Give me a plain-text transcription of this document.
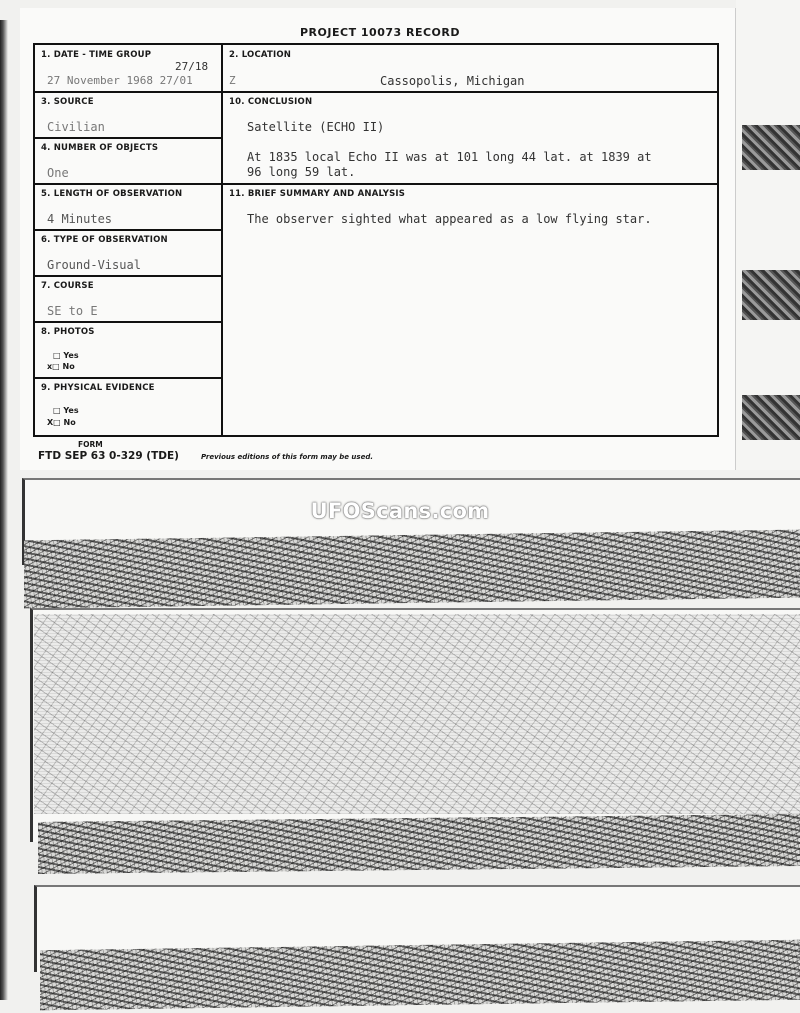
PROJECT 10073 RECORD
1. DATE - TIME GROUP
27/18
27 November 1968 27/01	Z
2. LOCATION
Cassopolis, Michigan
3. SOURCE
Civilian
10. CONCLUSION
Satellite (ECHO II)
At 1835 local Echo II was at 101 long 44 lat. at 1839 at
96 long 59 lat.
4. NUMBER OF OBJECTS
One
5. LENGTH OF OBSERVATION
4 Minutes
11. BRIEF SUMMARY AND ANALYSIS
The observer sighted what appeared as a low flying star.
6. TYPE OF OBSERVATION
Ground-Visual
7. COURSE
SE to E
8. PHOTOS
□ Yes
x□ No
9. PHYSICAL EVIDENCE
□ Yes
X□ No
FORM
FTD SEP 63 0-329 (TDE)	Previous editions of this form may be used.
UFOScans.com
